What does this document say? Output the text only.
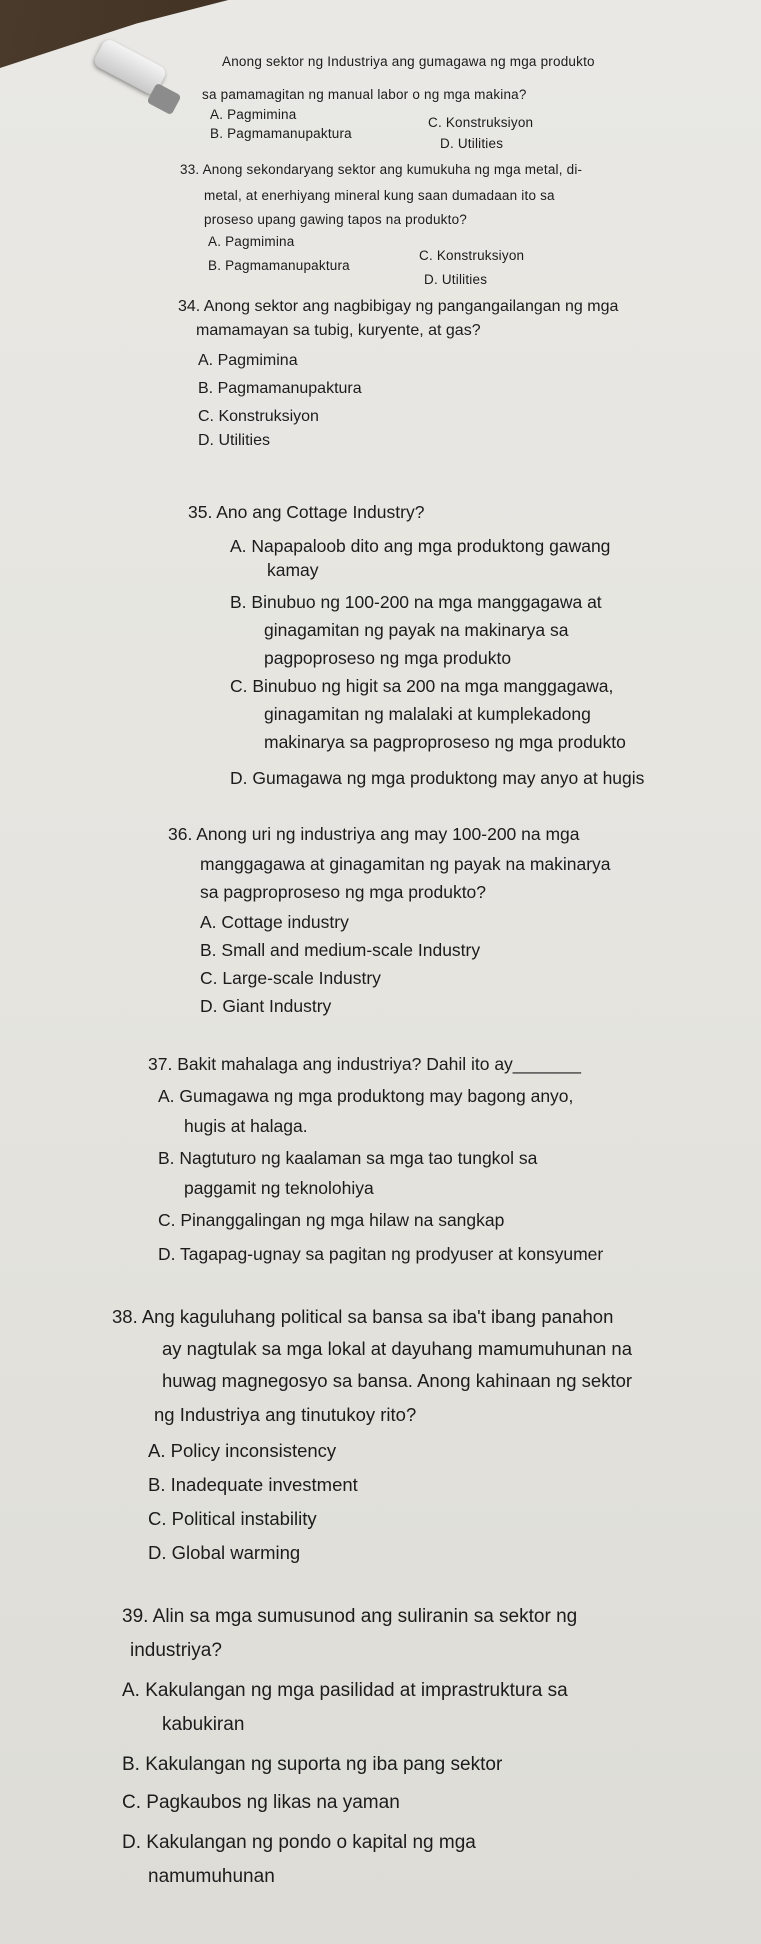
Anong sektor ng Industriya ang gumagawa ng mga produkto
sa pamamagitan ng manual labor o ng mga makina?
A. Pagmimina
C. Konstruksiyon
B. Pagmamanupaktura
D. Utilities
33. Anong sekondaryang sektor ang kumukuha ng mga metal, di-
metal, at enerhiyang mineral kung saan dumadaan ito sa
proseso upang gawing tapos na produkto?
A. Pagmimina
C. Konstruksiyon
B. Pagmamanupaktura
D. Utilities
34. Anong sektor ang nagbibigay ng pangangailangan ng mga
mamamayan sa tubig, kuryente, at gas?
A. Pagmimina
B. Pagmamanupaktura
C. Konstruksiyon
D. Utilities
35. Ano ang Cottage Industry?
A. Napapaloob dito ang mga produktong gawang
kamay
B. Binubuo ng 100-200 na mga manggagawa at
ginagamitan ng payak na makinarya sa
pagpoproseso ng mga produkto
C. Binubuo ng higit sa 200 na mga manggagawa,
ginagamitan ng malalaki at kumplekadong
makinarya sa pagproproseso ng mga produkto
D. Gumagawa ng mga produktong may anyo at hugis
36. Anong uri ng industriya ang may 100-200 na mga
manggagawa at ginagamitan ng payak na makinarya
sa pagproproseso ng mga produkto?
A. Cottage industry
B. Small and medium-scale Industry
C. Large-scale Industry
D. Giant Industry
37. Bakit mahalaga ang industriya? Dahil ito ay_______
A. Gumagawa ng mga produktong may bagong anyo,
hugis at halaga.
B. Nagtuturo ng kaalaman sa mga tao tungkol sa
paggamit ng teknolohiya
C. Pinanggalingan ng mga hilaw na sangkap
D. Tagapag-ugnay sa pagitan ng prodyuser at konsyumer
38. Ang kaguluhang political sa bansa sa iba't ibang panahon
ay nagtulak sa mga lokal at dayuhang mamumuhunan na
huwag magnegosyo sa bansa. Anong kahinaan ng sektor
ng Industriya ang tinutukoy rito?
A. Policy inconsistency
B. Inadequate investment
C. Political instability
D. Global warming
39. Alin sa mga sumusunod ang suliranin sa sektor ng
industriya?
A. Kakulangan ng mga pasilidad at imprastruktura sa
kabukiran
B. Kakulangan ng suporta ng iba pang sektor
C. Pagkaubos ng likas na yaman
D. Kakulangan ng pondo o kapital ng mga
namumuhunan
